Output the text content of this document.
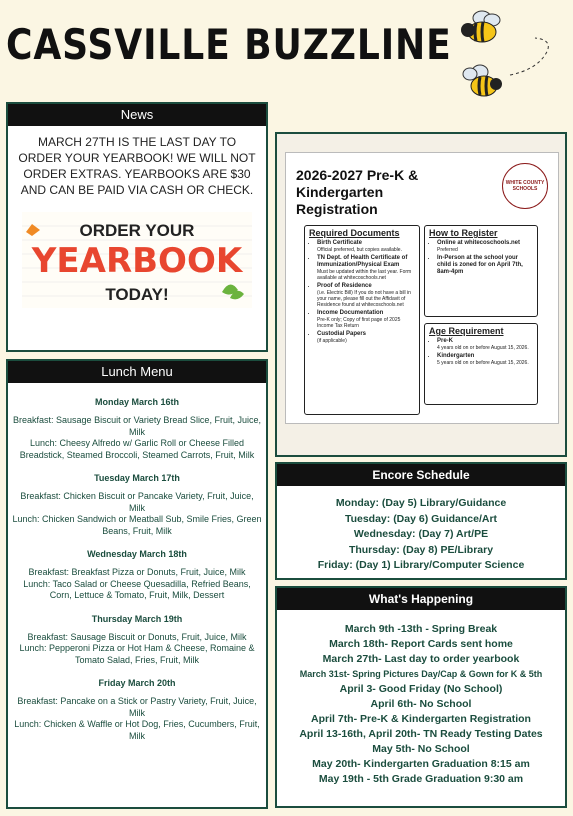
CASSVILLE BUZZLINE
News
MARCH 27TH IS THE LAST DAY TO ORDER YOUR YEARBOOK! WE WILL NOT ORDER EXTRAS. YEARBOOKS ARE $30 AND CAN BE PAID VIA CASH OR CHECK.
ORDER YOUR
YEARBOOK
TODAY!
Lunch Menu
Monday March 16th
Breakfast: Sausage Biscuit or Variety Bread Slice, Fruit, Juice, Milk
Lunch: Cheesy Alfredo w/ Garlic Roll or Cheese Filled Breadstick, Steamed Broccoli, Steamed Carrots, Fruit, Milk
Tuesday March 17th
Breakfast: Chicken Biscuit or Pancake Variety, Fruit, Juice, Milk
Lunch: Chicken Sandwich or Meatball Sub, Smile Fries, Green Beans, Fruit, Milk
Wednesday March 18th
Breakfast: Breakfast Pizza or Donuts, Fruit, Juice, Milk
Lunch: Taco Salad or Cheese Quesadilla, Refried Beans, Corn, Lettuce & Tomato, Fruit, Milk, Dessert
Thursday March 19th
Breakfast: Sausage Biscuit or Donuts, Fruit, Juice, Milk
Lunch: Pepperoni Pizza or Hot Ham & Cheese, Romaine & Tomato Salad, Fries, Fruit, Milk
Friday March 20th
Breakfast: Pancake on a Stick or Pastry Variety, Fruit, Juice, Milk
Lunch: Chicken & Waffle or Hot Dog, Fries, Cucumbers, Fruit, Milk
2026-2027 Pre-K & Kindergarten Registration
WHITE COUNTY SCHOOLS
Required Documents
• Birth Certificate
Official preferred, but copies available.
• TN Dept. of Health Certificate of Immunization/Physical Exam
Must be updated within the last year. Form available at whitecoschools.net
• Proof of Residence
(i.e. Electric Bill) If you do not have a bill in your name, please fill out the Affidavit of Residence found at whitecoschools.net
• Income Documentation
Pre-K only; Copy of first page of 2025 Income Tax Return
• Custodial Papers
(if applicable)
How to Register
• Online at whitecoschools.net
Preferred
• In-Person at the school your child is zoned for on April 7th, 8am-4pm
Age Requirement
• Pre-K
4 years old on or before August 15, 2026.
• Kindergarten
5 years old on or before August 15, 2026.
Encore Schedule
Monday: (Day 5) Library/Guidance
Tuesday: (Day 6) Guidance/Art
Wednesday: (Day 7) Art/PE
Thursday: (Day 8) PE/Library
Friday: (Day 1) Library/Computer Science
What's Happening
March 9th -13th - Spring Break
March 18th- Report Cards sent home
March 27th- Last day to order yearbook
March 31st- Spring Pictures Day/Cap & Gown for K & 5th
April 3- Good Friday (No School)
April 6th- No School
April 7th- Pre-K & Kindergarten Registration
April 13-16th, April 20th- TN Ready Testing Dates
May 5th- No School
May 20th- Kindergarten Graduation 8:15 am
May 19th - 5th Grade Graduation 9:30 am
